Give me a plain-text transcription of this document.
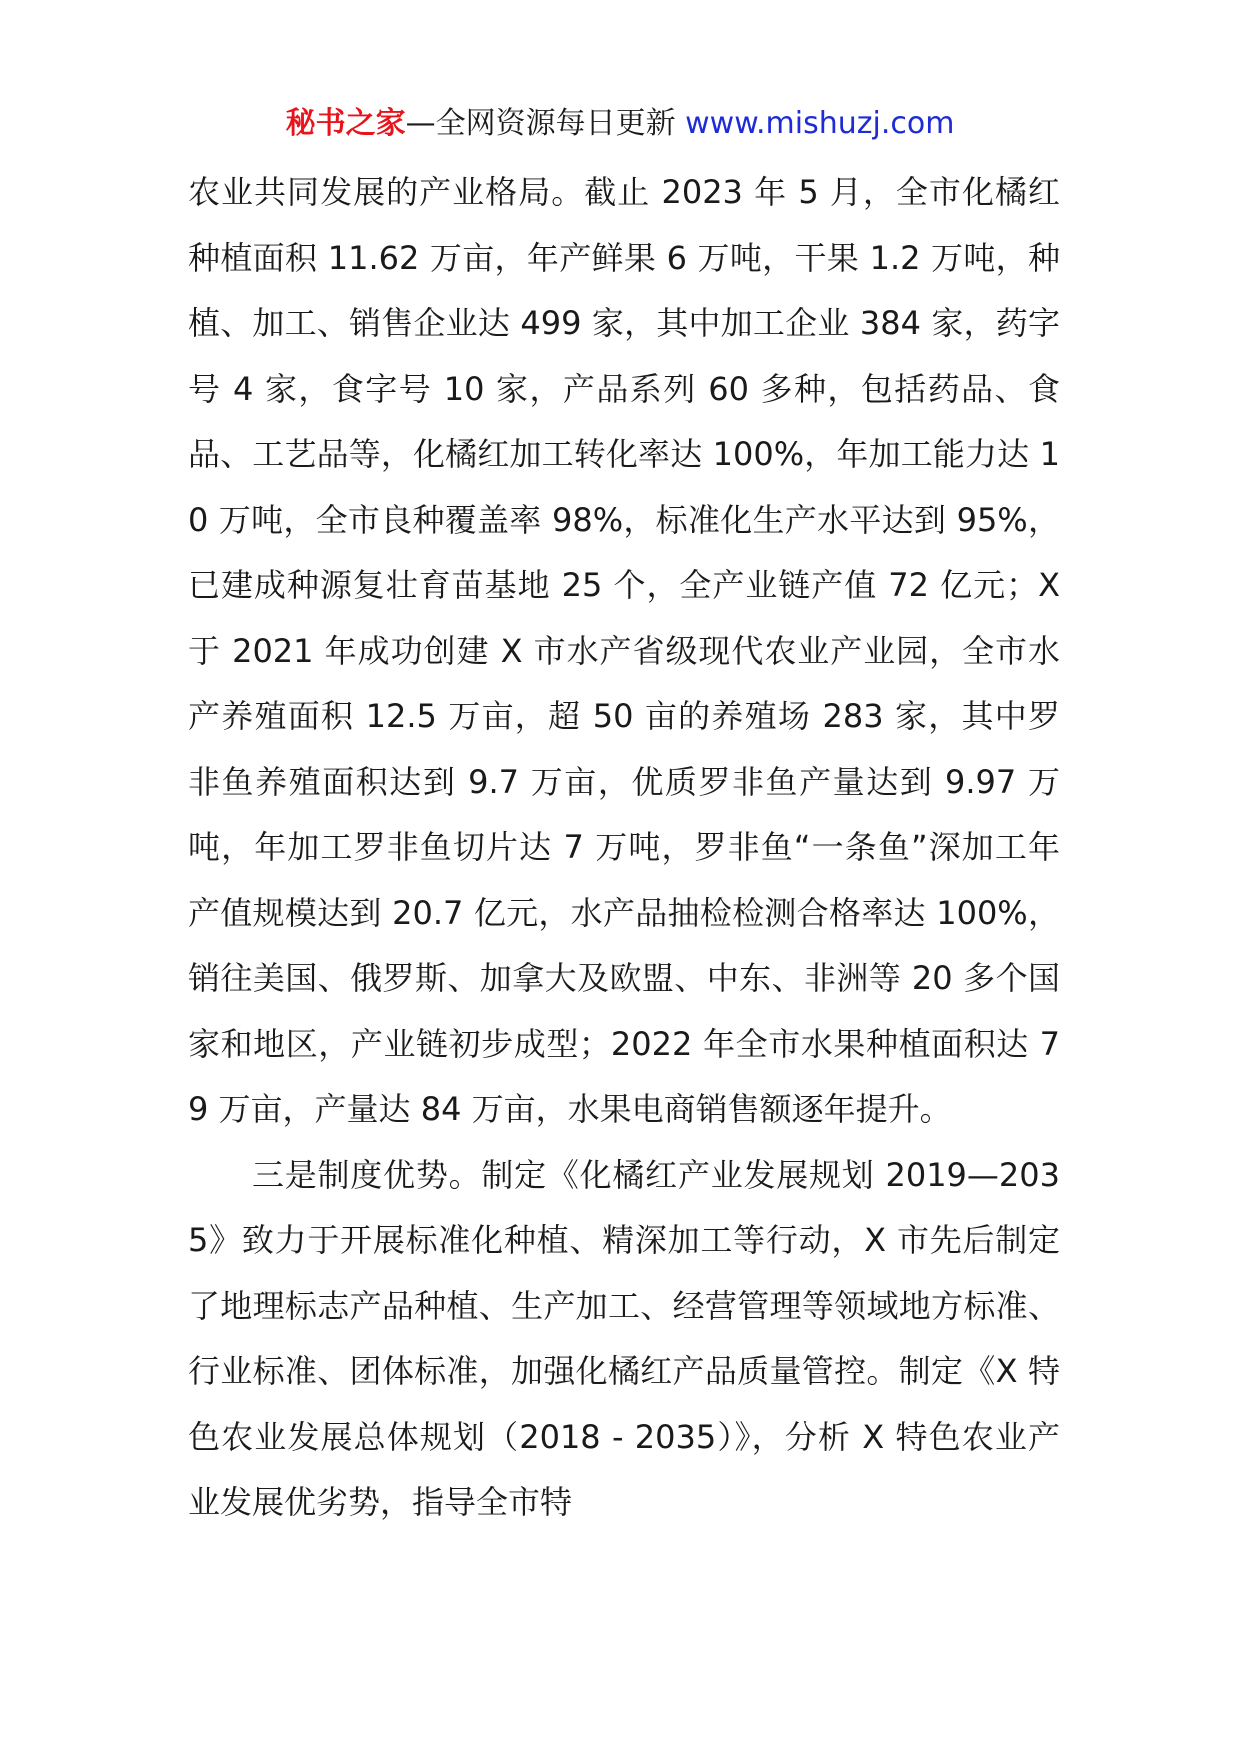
秘书之家—全网资源每日更新 www.mishuzj.com

农业共同发展的产业格局。截止 2023 年 5 月，全市化橘红种植面积 11.62 万亩，年产鲜果 6 万吨，干果 1.2 万吨，种植、加工、销售企业达 499 家，其中加工企业 384 家，药字号 4 家，食字号 10 家，产品系列 60 多种，包括药品、食品、工艺品等，化橘红加工转化率达 100%，年加工能力达 10 万吨，全市良种覆盖率 98%，标准化生产水平达到 95%，已建成种源复壮育苗基地 25 个，全产业链产值 72 亿元；X 于 2021 年成功创建 X 市水产省级现代农业产业园，全市水产养殖面积 12.5 万亩，超 50 亩的养殖场 283 家，其中罗非鱼养殖面积达到 9.7 万亩，优质罗非鱼产量达到 9.97 万吨，年加工罗非鱼切片达 7 万吨，罗非鱼“一条鱼”深加工年产值规模达到 20.7 亿元，水产品抽检检测合格率达 100%，销往美国、俄罗斯、加拿大及欧盟、中东、非洲等 20 多个国家和地区，产业链初步成型；2022 年全市水果种植面积达 79 万亩，产量达 84 万亩，水果电商销售额逐年提升。

三是制度优势。制定《化橘红产业发展规划 2019—2035》致力于开展标准化种植、精深加工等行动，X 市先后制定了地理标志产品种植、生产加工、经营管理等领域地方标准、行业标准、团体标准，加强化橘红产品质量管控。制定《X 特色农业发展总体规划（2018 - 2035）》，分析 X 特色农业产业发展优劣势，指导全市特
